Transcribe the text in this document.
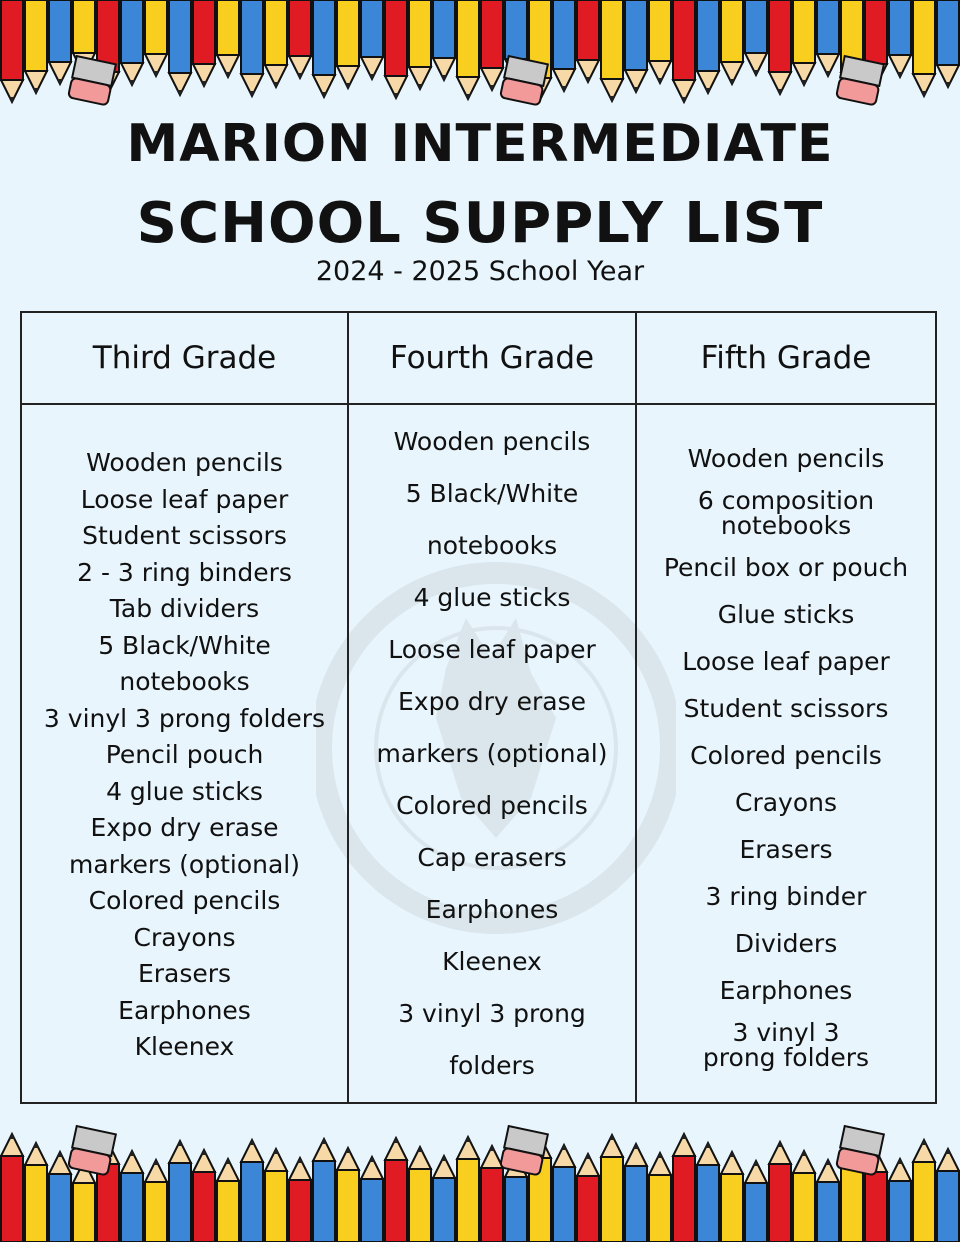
MARION INTERMEDIATE
SCHOOL SUPPLY LIST
2024 - 2025 School Year
Third Grade
Wooden pencils
Loose leaf paper
Student scissors
2 - 3 ring binders
Tab dividers
5 Black/White
notebooks
3 vinyl 3 prong folders
Pencil pouch
4 glue sticks
Expo dry erase
markers (optional)
Colored pencils
Crayons
Erasers
Earphones
Kleenex
Fourth Grade
Wooden pencils
5 Black/White
notebooks
4 glue sticks
Loose leaf paper
Expo dry erase
markers (optional)
Colored pencils
Cap erasers
Earphones
Kleenex
3 vinyl 3 prong
folders
Fifth Grade
Wooden pencils
6 composition notebooks
Pencil box or pouch
Glue sticks
Loose leaf paper
Student scissors
Colored pencils
Crayons
Erasers
3 ring binder
Dividers
Earphones
3 vinyl 3 prong folders
